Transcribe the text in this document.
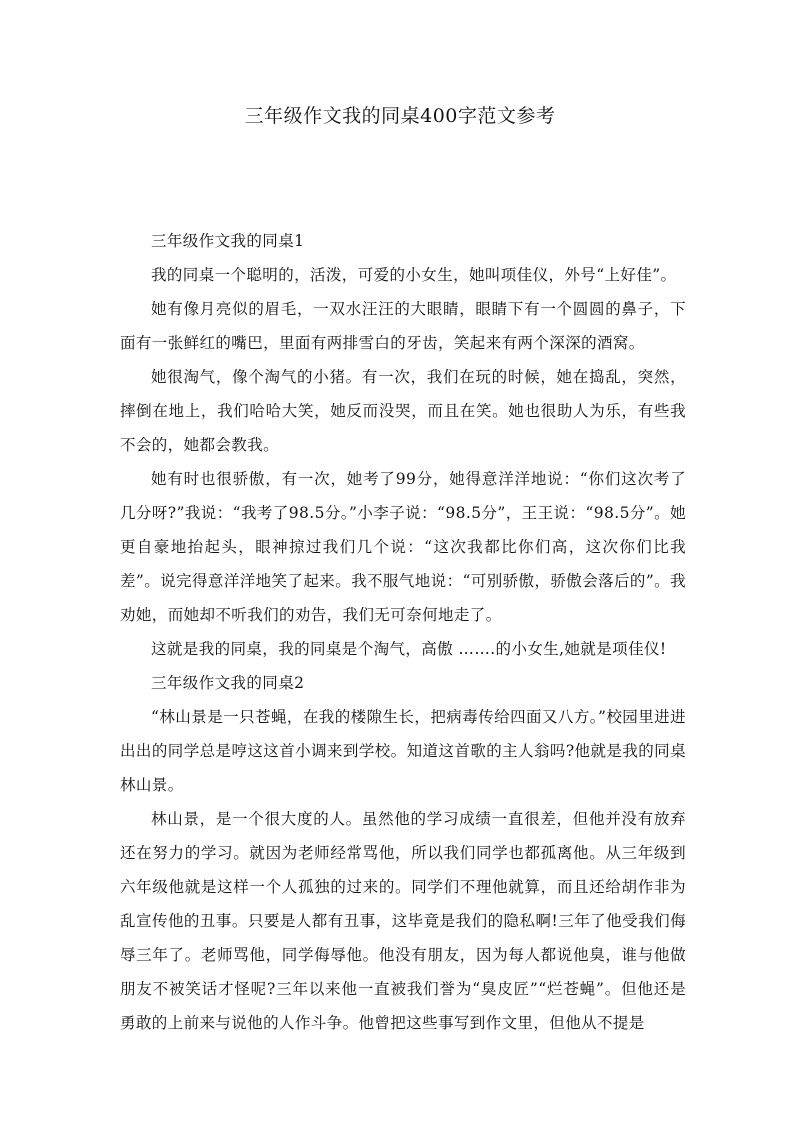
三年级作文我的同桌400字范文参考

三年级作文我的同桌1

我的同桌一个聪明的，活泼，可爱的小女生，她叫项佳仪，外号“上好佳”。

她有像月亮似的眉毛，一双水汪汪的大眼睛，眼睛下有一个圆圆的鼻子，下面有一张鲜红的嘴巴，里面有两排雪白的牙齿，笑起来有两个深深的酒窝。

她很淘气，像个淘气的小猪。有一次，我们在玩的时候，她在捣乱，突然，摔倒在地上，我们哈哈大笑，她反而没哭，而且在笑。她也很助人为乐，有些我不会的，她都会教我。

她有时也很骄傲，有一次，她考了99分，她得意洋洋地说：“你们这次考了几分呀?”我说：“我考了98.5分。”小李子说：“98.5分”，王王说：“98.5分”。她更自豪地抬起头，眼神掠过我们几个说：“这次我都比你们高，这次你们比我差”。说完得意洋洋地笑了起来。我不服气地说：“可别骄傲，骄傲会落后的”。我劝她，而她却不听我们的劝告，我们无可奈何地走了。

这就是我的同桌，我的同桌是个淘气，高傲 …….的小女生,她就是项佳仪!

三年级作文我的同桌2

“林山景是一只苍蝇，在我的楼隙生长，把病毒传给四面又八方。”校园里进进出出的同学总是哼这这首小调来到学校。知道这首歌的主人翁吗?他就是我的同桌林山景。

林山景，是一个很大度的人。虽然他的学习成绩一直很差，但他并没有放弃还在努力的学习。就因为老师经常骂他，所以我们同学也都孤离他。从三年级到六年级他就是这样一个人孤独的过来的。同学们不理他就算，而且还给胡作非为乱宣传他的丑事。只要是人都有丑事，这毕竟是我们的隐私啊!三年了他受我们侮辱三年了。老师骂他，同学侮辱他。他没有朋友，因为每人都说他臭，谁与他做朋友不被笑话才怪呢?三年以来他一直被我们誉为“臭皮匠”“烂苍蝇”。但他还是勇敢的上前来与说他的人作斗争。他曾把这些事写到作文里，但他从不提是
